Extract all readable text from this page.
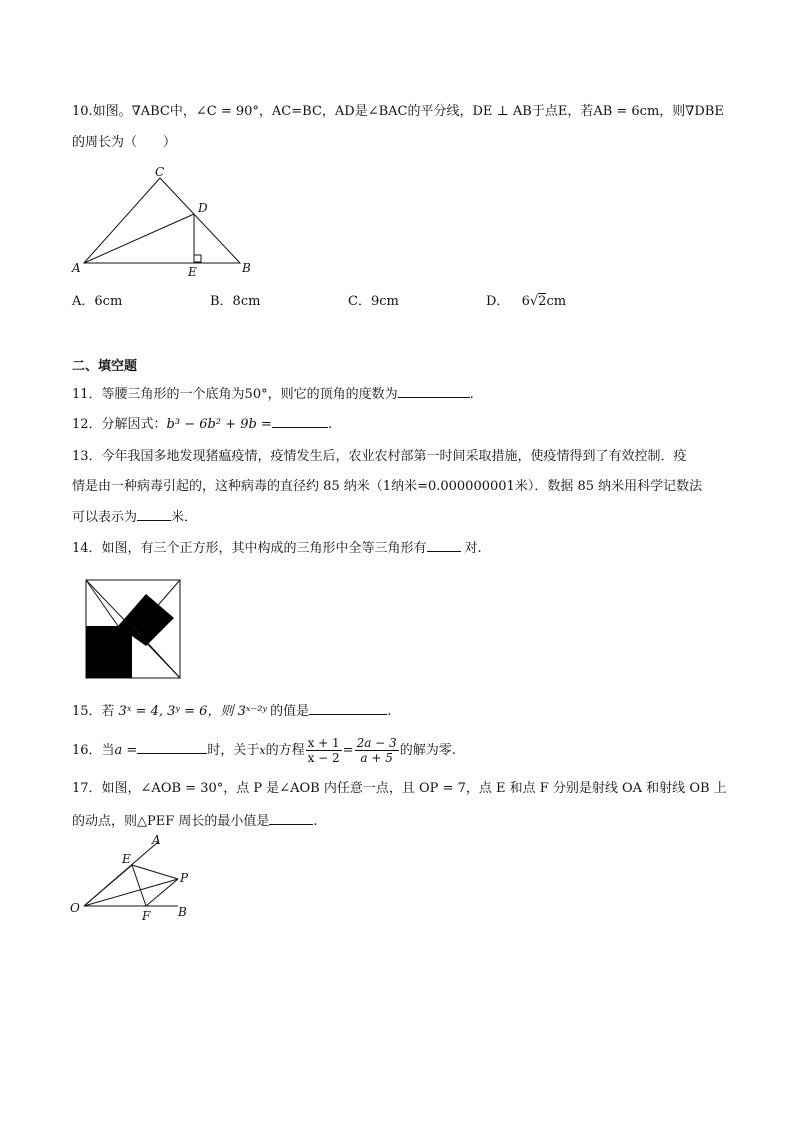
10.如图。∇ABC中，∠C = 90°，AC=BC，AD是∠BAC的平分线，DE ⊥ AB于点E，若AB = 6cm，则∇DBE
的周长为（　　）
A	B
C
D
E
A．6cm	B．8cm	C．9cm	D． 6√2cm
二、填空题
11．等腰三角形的一个底角为50°，则它的顶角的度数为	.
12．分解因式：b³ − 6b² + 9b =	.
13．今年我国多地发现猪瘟疫情，疫情发生后，农业农村部第一时间采取措施，使疫情得到了有效控制．疫
情是由一种病毒引起的，这种病毒的直径约 85 纳米（1纳米=0.000000001米）．数据 85 纳米用科学记数法
可以表示为	米．
14．如图，有三个正方形，其中构成的三角形中全等三角形有	对.
15．若 3ˣ = 4, 3ʸ = 6，则 3ˣ⁻²ʸ 的值是	.
16．当a =	时，关于$^x$的方程 $\frac{x + 1}{x - 2} = \frac{2a - 3}{a + 5}$ 的解为零.
17．如图，∠AOB = 30°，点 P 是∠AOB 内任意一点，且 OP = 7，点 E 和点 F 分别是射线 OA 和射线 OB 上
的动点，则△PEF 周长的最小值是	.
A
B
E
F
O
P
